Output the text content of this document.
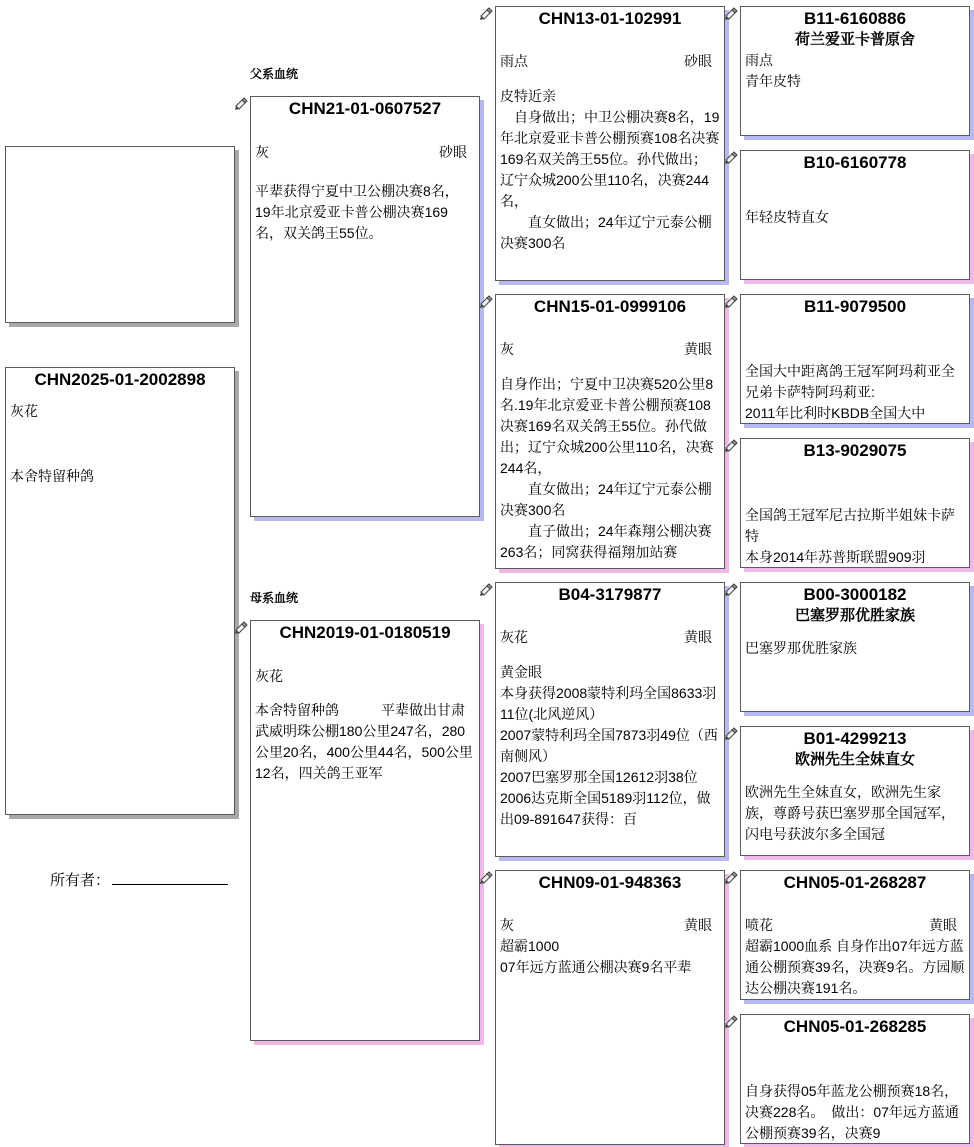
父系血统
母系血统
CHN2025-01-2002898
灰花
本舍特留种鸽
所有者：
CHN21-01-0607527
灰	砂眼
平辈获得宁夏中卫公棚决赛8名，
19年北京爱亚卡普公棚决赛169名，双关鸽王55位。
CHN2019-01-0180519
灰花
本舍特留种鸽　　　平辈做出甘肃武威明珠公棚180公里247名，280公里20名，400公里44名，500公里12名，四关鸽王亚军
CHN13-01-102991
雨点	砂眼
皮特近亲
　自身做出；中卫公棚决赛8名，19年北京爱亚卡普公棚预赛108名决赛169名双关鸽王55位。孙代做出；辽宁众城200公里110名，决赛244名，
　　直女做出；24年辽宁元泰公棚决赛300名
CHN15-01-0999106
灰	黄眼
自身作出；宁夏中卫决赛520公里8名.19年北京爱亚卡普公棚预赛108决赛169名双关鸽王55位。孙代做出；辽宁众城200公里110名，决赛244名，
　　直女做出；24年辽宁元泰公棚决赛300名
　　直子做出；24年森翔公棚决赛263名；同窝获得福翔加站赛
B04-3179877
灰花	黄眼
黄金眼
本身获得2008蒙特利玛全国8633羽11位(北风逆风）
2007蒙特利玛全国7873羽49位（西南侧风）
2007巴塞罗那全国12612羽38位
2006达克斯全国5189羽112位，做出09-891647获得：百
CHN09-01-948363
灰	黄眼
超霸1000
07年远方蓝通公棚决赛9名平辈
B11-6160886
荷兰爱亚卡普原舍
雨点
青年皮特
B10-6160778
年轻皮特直女
B11-9079500
全国大中距离鸽王冠军阿玛莉亚全兄弟卡萨特阿玛莉亚:
2011年比利时KBDB全国大中
B13-9029075
全国鸽王冠军尼古拉斯半姐妹卡萨特
本身2014年苏普斯联盟909羽
B00-3000182
巴塞罗那优胜家族
巴塞罗那优胜家族
B01-4299213
欧洲先生全妹直女
欧洲先生全妹直女，欧洲先生家族，尊爵号获巴塞罗那全国冠军，闪电号获波尔多全国冠
CHN05-01-268287
喷花	黄眼
超霸1000血系 自身作出07年远方蓝通公棚预赛39名，决赛9名。方园顺达公棚决赛191名。
CHN05-01-268285
自身获得05年蓝龙公棚预赛18名，决赛228名。　做出：07年远方蓝通公棚预赛39名，决赛9
